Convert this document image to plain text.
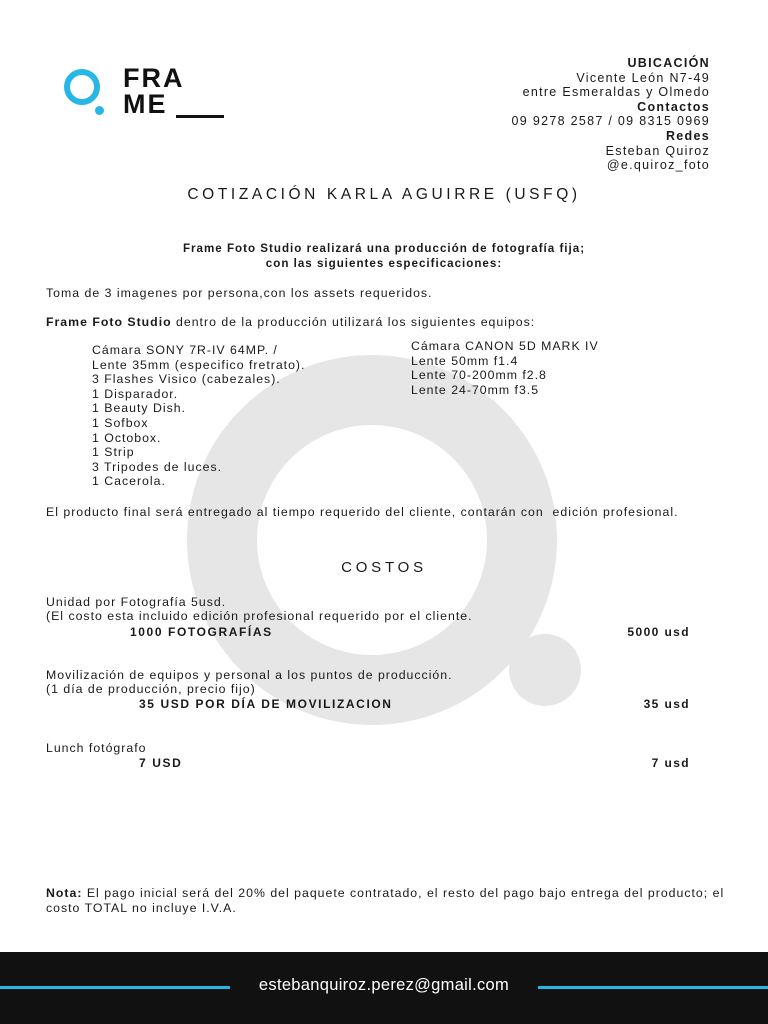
FRA
ME
UBICACIÓN
Vicente León N7-49
entre Esmeraldas y Olmedo
Contactos
09 9278 2587 / 09 8315 0969
Redes
Esteban Quiroz
@e.quiroz_foto
COTIZACIÓN KARLA AGUIRRE (USFQ)
Frame Foto Studio realizará una producción de fotografía fija;
con las siguientes especificaciones:
Toma de 3 imagenes por persona,con los assets requeridos.
Frame Foto Studio dentro de la producción utilizará los siguientes equipos:
Cámara SONY 7R-IV 64MP. /
Lente 35mm (especifico fretrato).
3 Flashes Visico (cabezales).
1 Disparador.
1 Beauty Dish.
1 Sofbox
1 Octobox.
1 Strip
3 Tripodes de luces.
1 Cacerola.
Cámara CANON 5D MARK IV
Lente 50mm f1.4
Lente 70-200mm f2.8
Lente 24-70mm f3.5
El producto final será entregado al tiempo requerido del cliente, contarán con  edición profesional.
COSTOS
Unidad por Fotografía 5usd.
(El costo esta incluido edición profesional requerido por el cliente.
1000 FOTOGRAFÍAS	5000 usd
Movilización de equipos y personal a los puntos de producción.
(1 día de producción, precio fijo)
35 USD POR DÍA DE MOVILIZACION	35 usd
Lunch fotógrafo
7 USD	7 usd
Nota: El pago inicial será del 20% del paquete contratado, el resto del pago bajo entrega del producto; el costo TOTAL no incluye I.V.A.
estebanquiroz.perez@gmail.com
